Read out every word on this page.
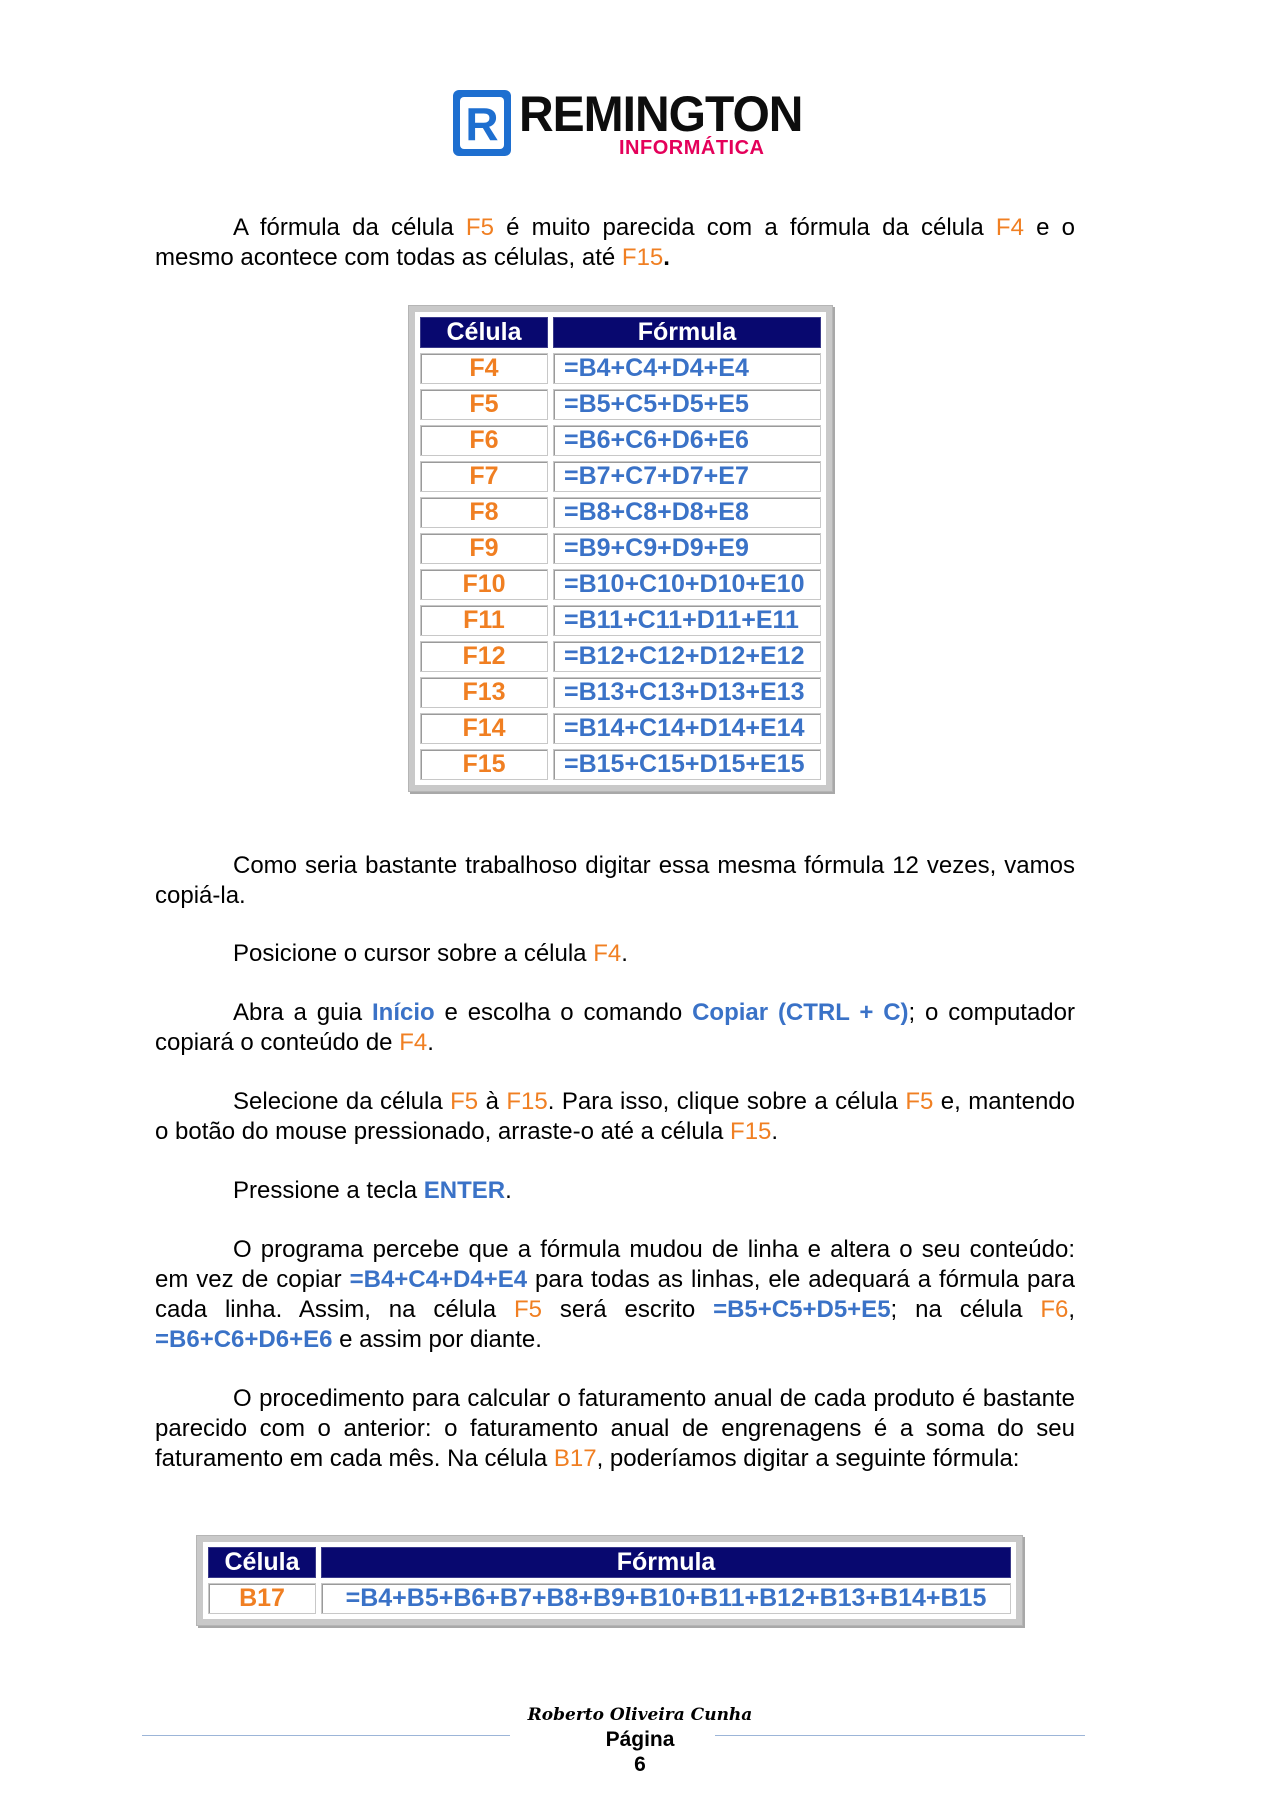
R REMINGTON
INFORMÁTICA
A fórmula da célula F5 é muito parecida com a fórmula da célula F4 e o mesmo acontece com todas as células, até F15.
Célula	Fórmula
F4	=B4+C4+D4+E4
F5	=B5+C5+D5+E5
F6	=B6+C6+D6+E6
F7	=B7+C7+D7+E7
F8	=B8+C8+D8+E8
F9	=B9+C9+D9+E9
F10	=B10+C10+D10+E10
F11	=B11+C11+D11+E11
F12	=B12+C12+D12+E12
F13	=B13+C13+D13+E13
F14	=B14+C14+D14+E14
F15	=B15+C15+D15+E15
Como seria bastante trabalhoso digitar essa mesma fórmula 12 vezes, vamos copiá-la.
Posicione o cursor sobre a célula F4.
Abra a guia Início e escolha o comando Copiar (CTRL + C); o computador copiará o conteúdo de F4.
Selecione da célula F5 à F15. Para isso, clique sobre a célula F5 e, mantendo o botão do mouse pressionado, arraste-o até a célula F15.
Pressione a tecla ENTER.
O programa percebe que a fórmula mudou de linha e altera o seu conteúdo: em vez de copiar =B4+C4+D4+E4 para todas as linhas, ele adequará a fórmula para cada linha. Assim, na célula F5 será escrito =B5+C5+D5+E5; na célula F6, =B6+C6+D6+E6 e assim por diante.
O procedimento para calcular o faturamento anual de cada produto é bastante parecido com o anterior: o faturamento anual de engrenagens é a soma do seu faturamento em cada mês. Na célula B17, poderíamos digitar a seguinte fórmula:
Célula	Fórmula
B17	=B4+B5+B6+B7+B8+B9+B10+B11+B12+B13+B14+B15
Roberto Oliveira Cunha
Página
6
